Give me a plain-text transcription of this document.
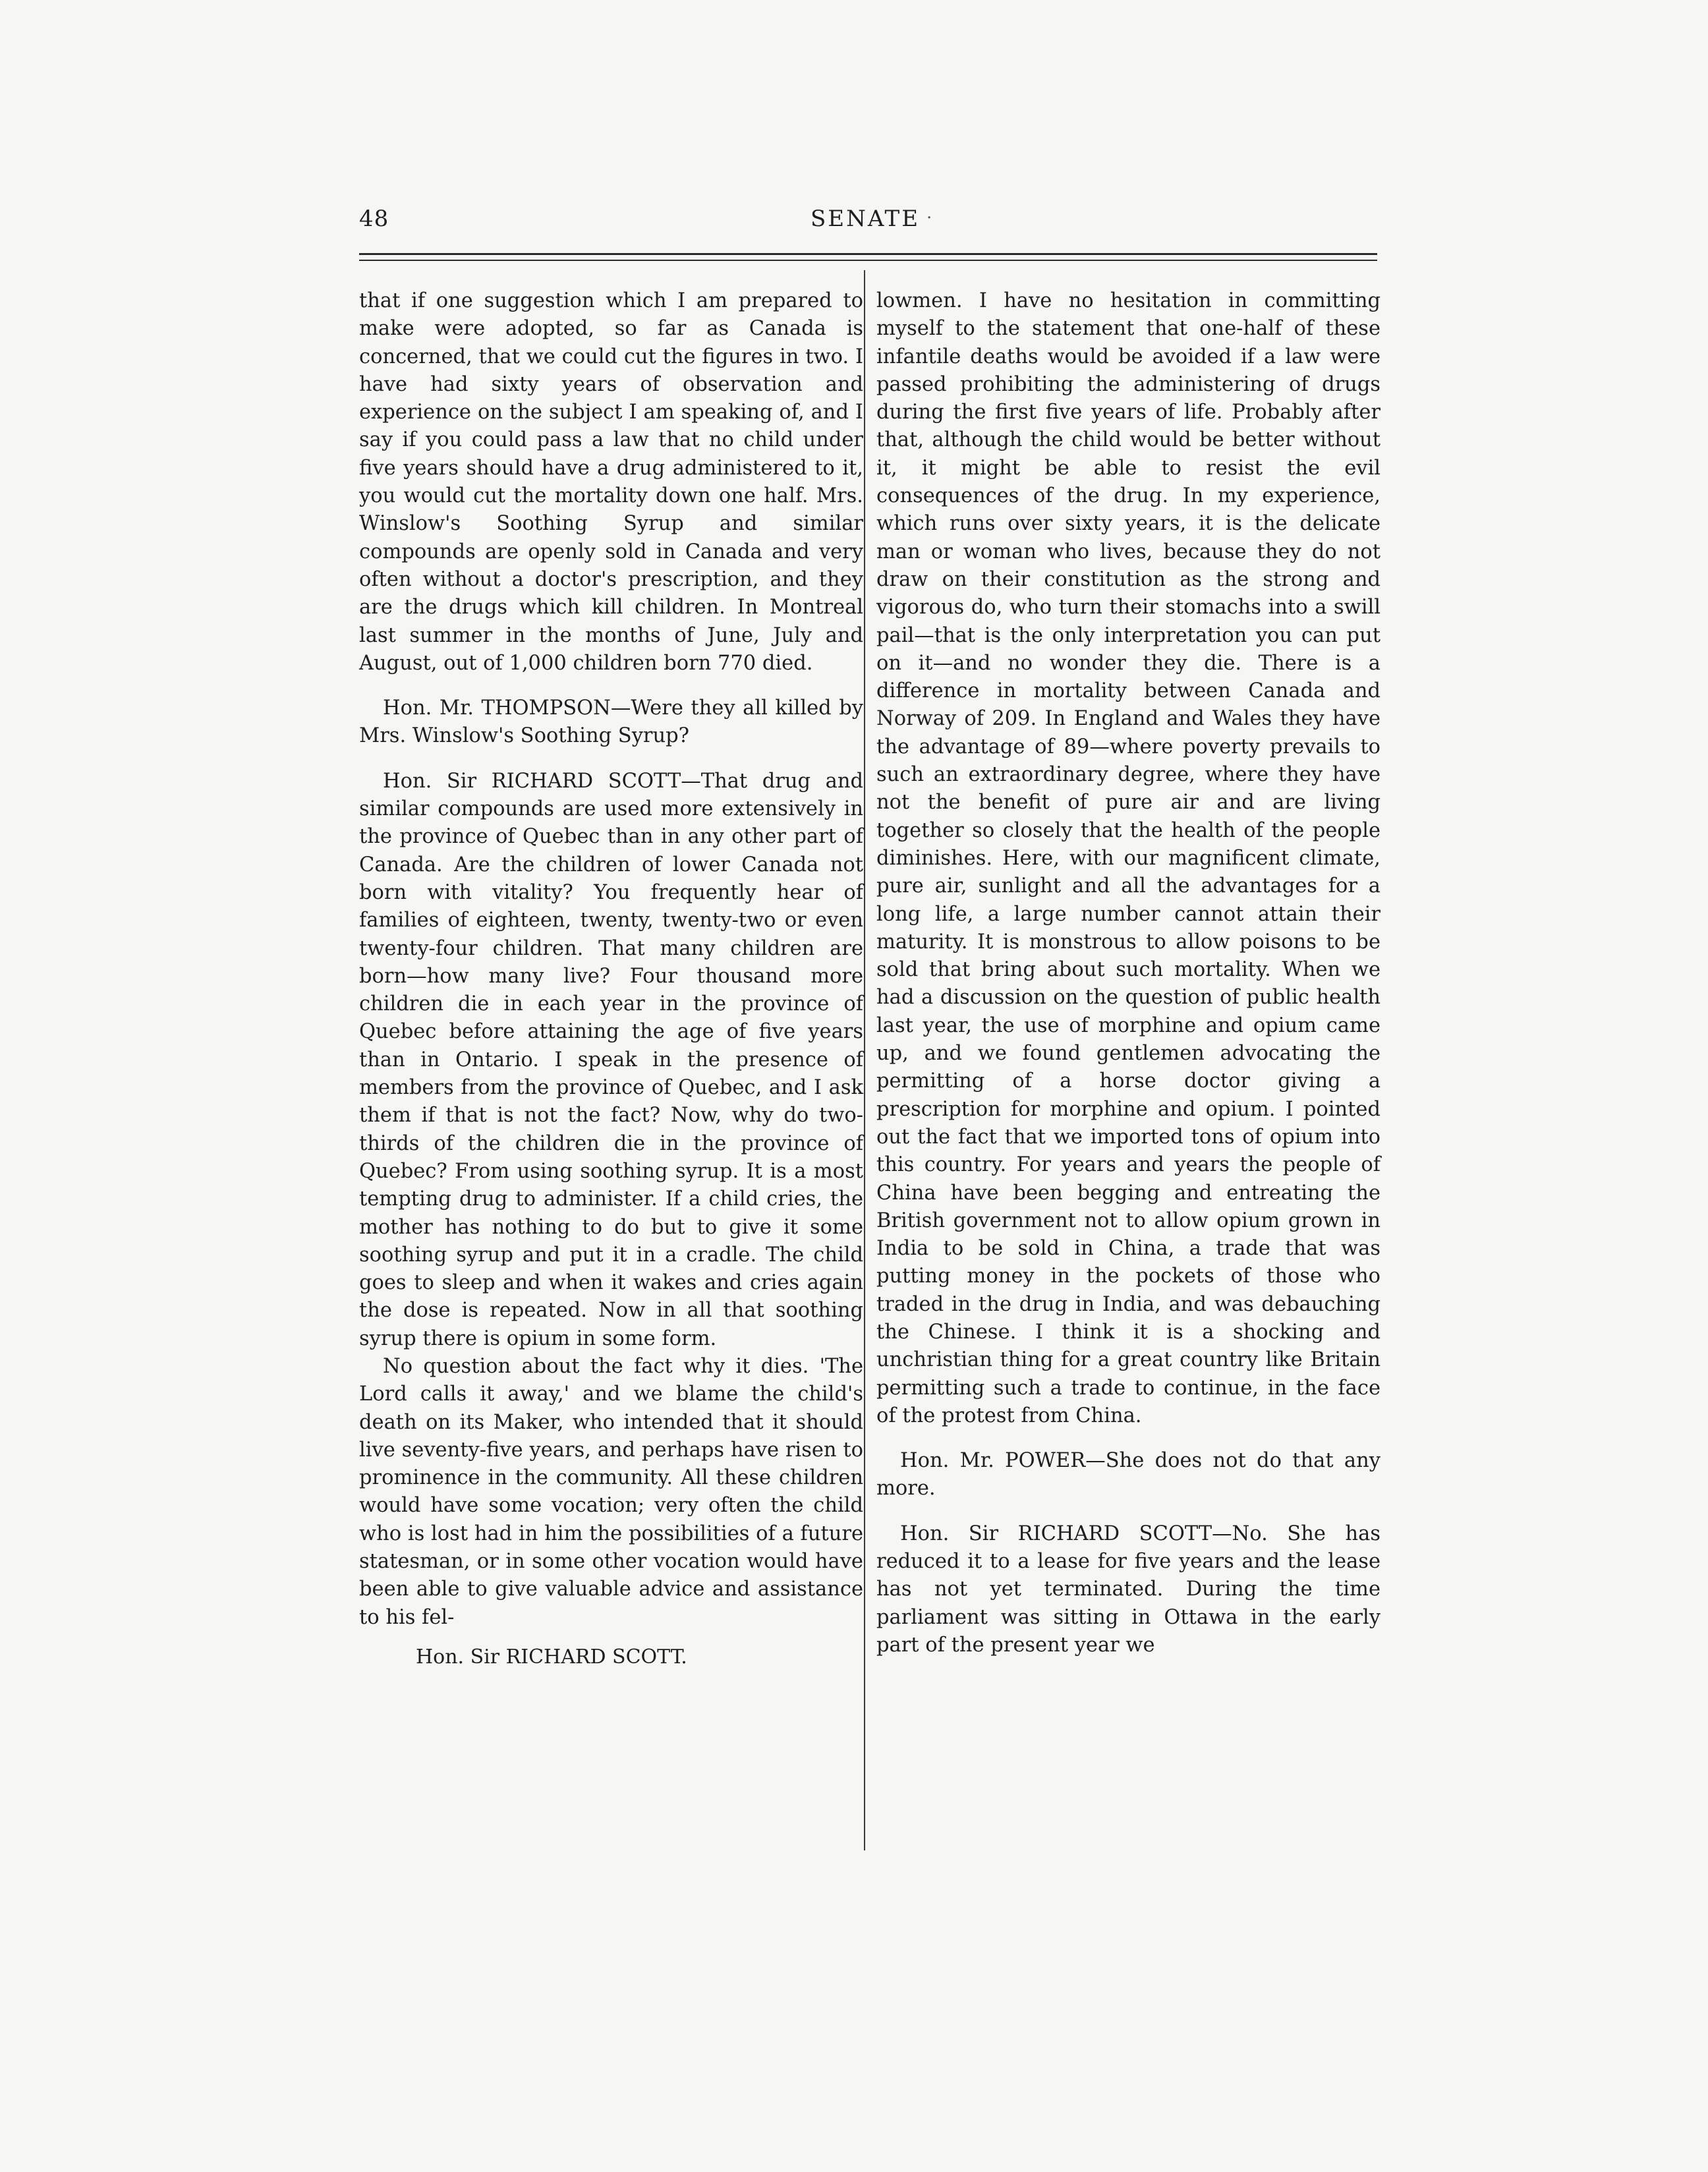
48	SENATE ·

that if one suggestion which I am prepared to make were adopted, so far as Canada is concerned, that we could cut the figures in two. I have had sixty years of observation and experience on the subject I am speaking of, and I say if you could pass a law that no child under five years should have a drug administered to it, you would cut the mortality down one half. Mrs. Winslow's Soothing Syrup and similar compounds are openly sold in Canada and very often without a doctor's prescription, and they are the drugs which kill children. In Montreal last summer in the months of June, July and August, out of 1,000 children born 770 died.

Hon. Mr. THOMPSON—Were they all killed by Mrs. Winslow's Soothing Syrup?

Hon. Sir RICHARD SCOTT—That drug and similar compounds are used more extensively in the province of Quebec than in any other part of Canada. Are the children of lower Canada not born with vitality? You frequently hear of families of eighteen, twenty, twenty-two or even twenty-four children. That many children are born—how many live? Four thousand more children die in each year in the province of Quebec before attaining the age of five years than in Ontario. I speak in the presence of members from the province of Quebec, and I ask them if that is not the fact? Now, why do two-thirds of the children die in the province of Quebec? From using soothing syrup. It is a most tempting drug to administer. If a child cries, the mother has nothing to do but to give it some soothing syrup and put it in a cradle. The child goes to sleep and when it wakes and cries again the dose is repeated. Now in all that soothing syrup there is opium in some form.

No question about the fact why it dies. 'The Lord calls it away,' and we blame the child's death on its Maker, who intended that it should live seventy-five years, and perhaps have risen to prominence in the community. All these children would have some vocation; very often the child who is lost had in him the possibilities of a future statesman, or in some other vocation would have been able to give valuable advice and assistance to his fel-

Hon. Sir RICHARD SCOTT.

lowmen. I have no hesitation in committing myself to the statement that one-half of these infantile deaths would be avoided if a law were passed prohibiting the administering of drugs during the first five years of life. Probably after that, although the child would be better without it, it might be able to resist the evil consequences of the drug. In my experience, which runs over sixty years, it is the delicate man or woman who lives, because they do not draw on their constitution as the strong and vigorous do, who turn their stomachs into a swill pail—that is the only interpretation you can put on it—and no wonder they die. There is a difference in mortality between Canada and Norway of 209. In England and Wales they have the advantage of 89—where poverty prevails to such an extraordinary degree, where they have not the benefit of pure air and are living together so closely that the health of the people diminishes. Here, with our magnificent climate, pure air, sunlight and all the advantages for a long life, a large number cannot attain their maturity. It is monstrous to allow poisons to be sold that bring about such mortality. When we had a discussion on the question of public health last year, the use of morphine and opium came up, and we found gentlemen advocating the permitting of a horse doctor giving a prescription for morphine and opium. I pointed out the fact that we imported tons of opium into this country. For years and years the people of China have been begging and entreating the British government not to allow opium grown in India to be sold in China, a trade that was putting money in the pockets of those who traded in the drug in India, and was debauching the Chinese. I think it is a shocking and unchristian thing for a great country like Britain permitting such a trade to continue, in the face of the protest from China.

Hon. Mr. POWER—She does not do that any more.

Hon. Sir RICHARD SCOTT—No. She has reduced it to a lease for five years and the lease has not yet terminated. During the time parliament was sitting in Ottawa in the early part of the present year we
